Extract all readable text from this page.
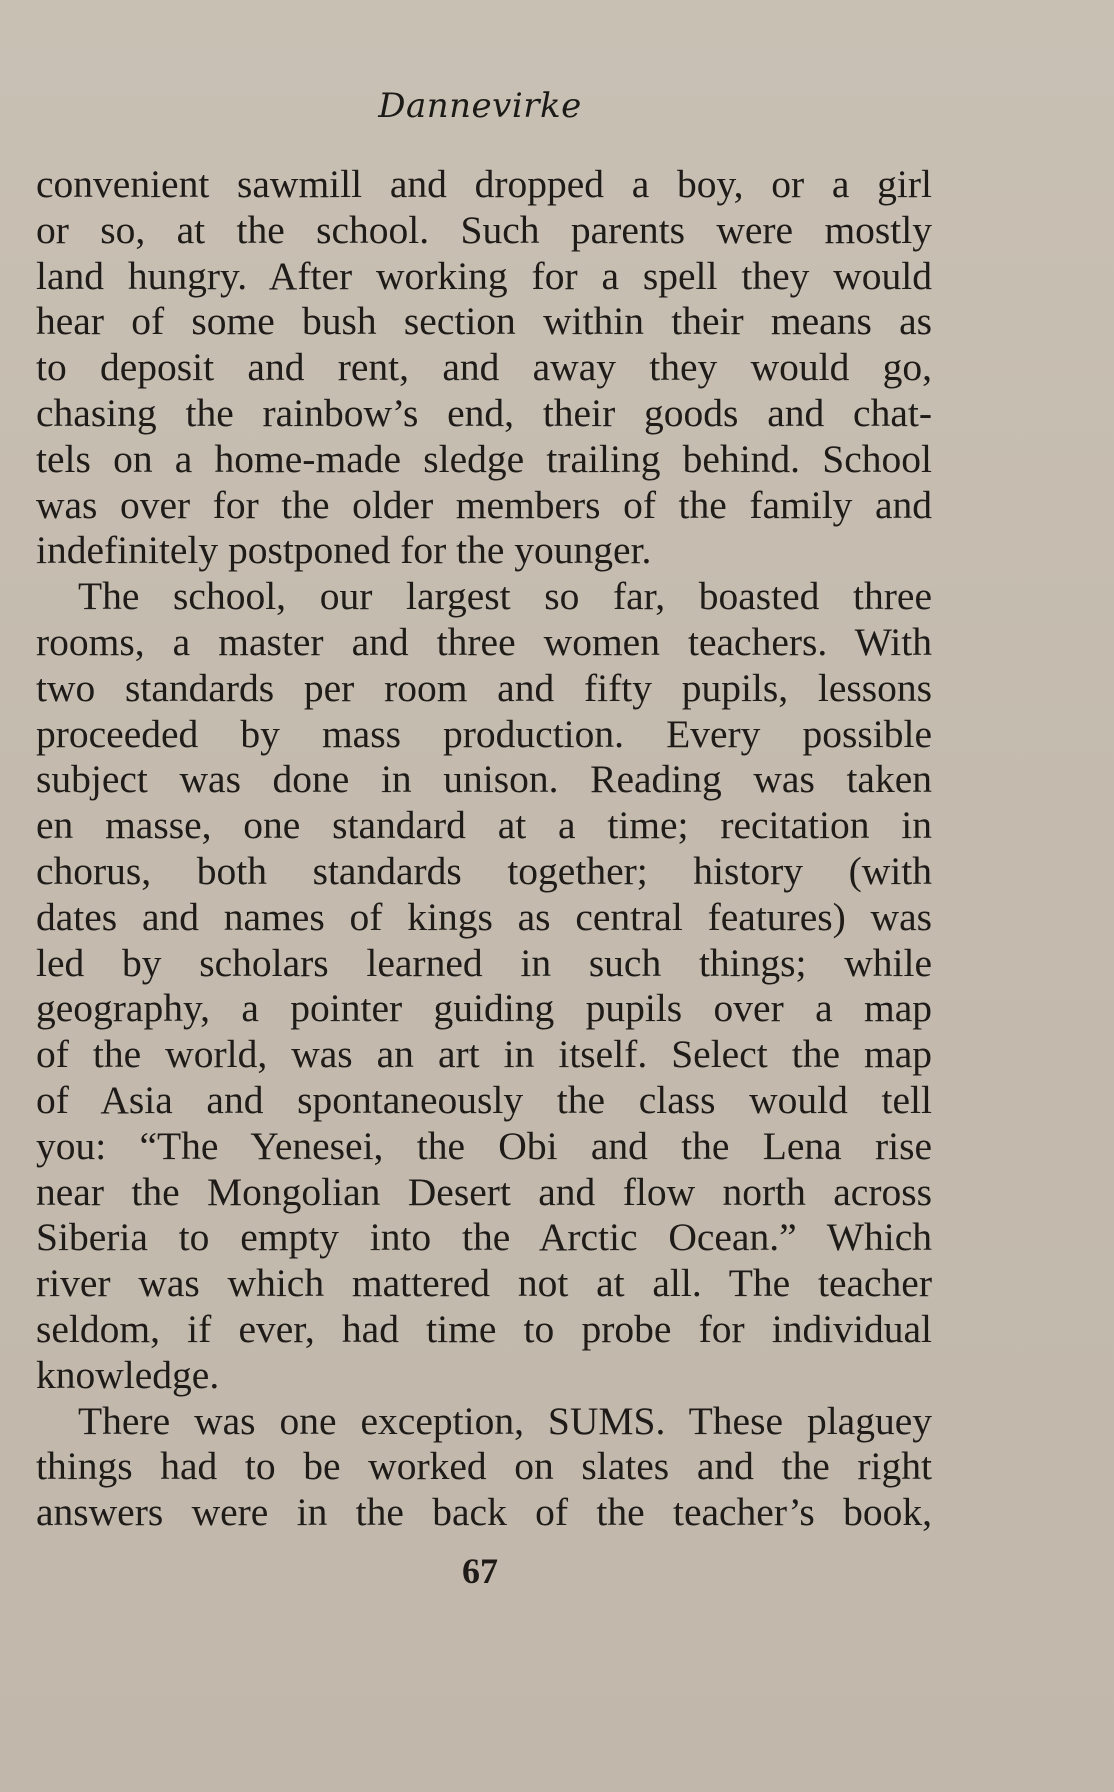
Dannevirke
convenient sawmill and dropped a boy, or a girl
or so, at the school. Such parents were mostly
land hungry. After working for a spell they would
hear of some bush section within their means as
to deposit and rent, and away they would go,
chasing the rainbow’s end, their goods and chat-
tels on a home-made sledge trailing behind. School
was over for the older members of the family and
indefinitely postponed for the younger.
The school, our largest so far, boasted three
rooms, a master and three women teachers. With
two standards per room and fifty pupils, lessons
proceeded by mass production. Every possible
subject was done in unison. Reading was taken
en masse, one standard at a time; recitation in
chorus, both standards together; history (with
dates and names of kings as central features) was
led by scholars learned in such things; while
geography, a pointer guiding pupils over a map
of the world, was an art in itself. Select the map
of Asia and spontaneously the class would tell
you: “The Yenesei, the Obi and the Lena rise
near the Mongolian Desert and flow north across
Siberia to empty into the Arctic Ocean.” Which
river was which mattered not at all. The teacher
seldom, if ever, had time to probe for individual
knowledge.
There was one exception, SUMS. These plaguey
things had to be worked on slates and the right
answers were in the back of the teacher’s book,
67
